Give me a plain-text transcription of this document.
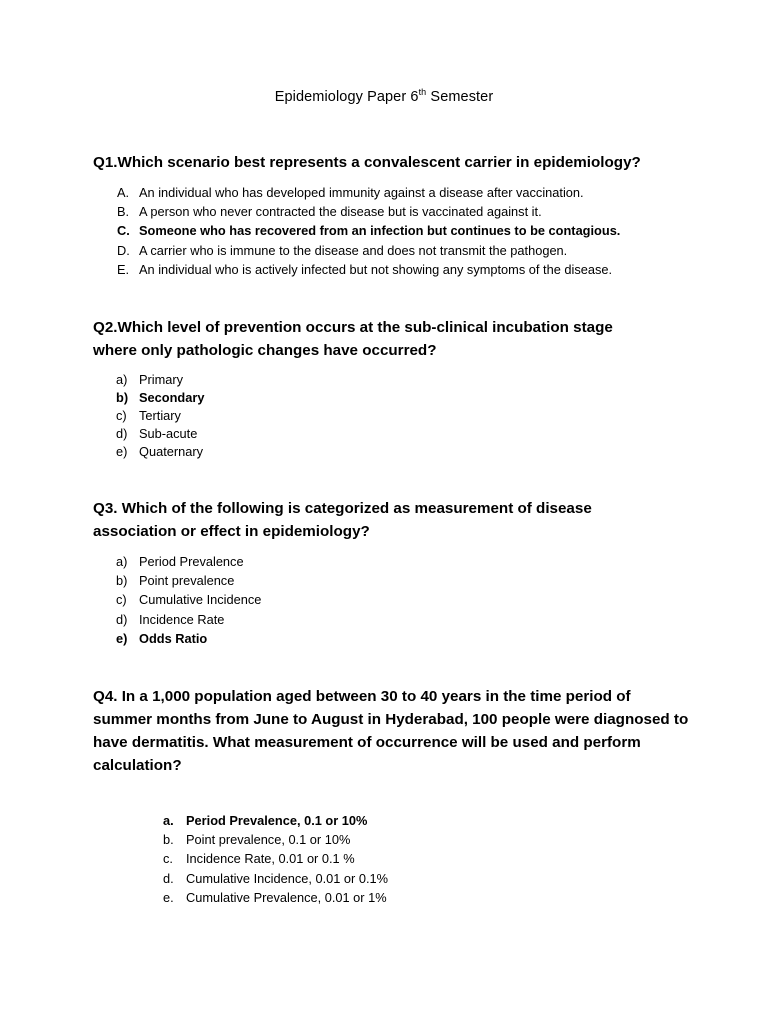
Epidemiology Paper 6th Semester
Q1.Which scenario best represents a convalescent carrier in epidemiology?
A. An individual who has developed immunity against a disease after vaccination.
B. A person who never contracted the disease but is vaccinated against it.
C. Someone who has recovered from an infection but continues to be contagious.
D. A carrier who is immune to the disease and does not transmit the pathogen.
E. An individual who is actively infected but not showing any symptoms of the disease.
Q2.Which level of prevention occurs at the sub-clinical incubation stage where only pathologic changes have occurred?
a) Primary
b) Secondary
c) Tertiary
d) Sub-acute
e) Quaternary
Q3. Which of the following is categorized as measurement of disease association or effect in epidemiology?
a) Period Prevalence
b) Point prevalence
c) Cumulative Incidence
d) Incidence Rate
e) Odds Ratio
Q4. In a 1,000 population aged between 30 to 40 years in the time period of summer months from June to August in Hyderabad, 100 people were diagnosed to have dermatitis. What measurement of occurrence will be used and perform calculation?
a. Period Prevalence, 0.1 or 10%
b. Point prevalence, 0.1 or 10%
c. Incidence Rate, 0.01 or 0.1 %
d. Cumulative Incidence, 0.01 or 0.1%
e. Cumulative Prevalence, 0.01 or 1%
